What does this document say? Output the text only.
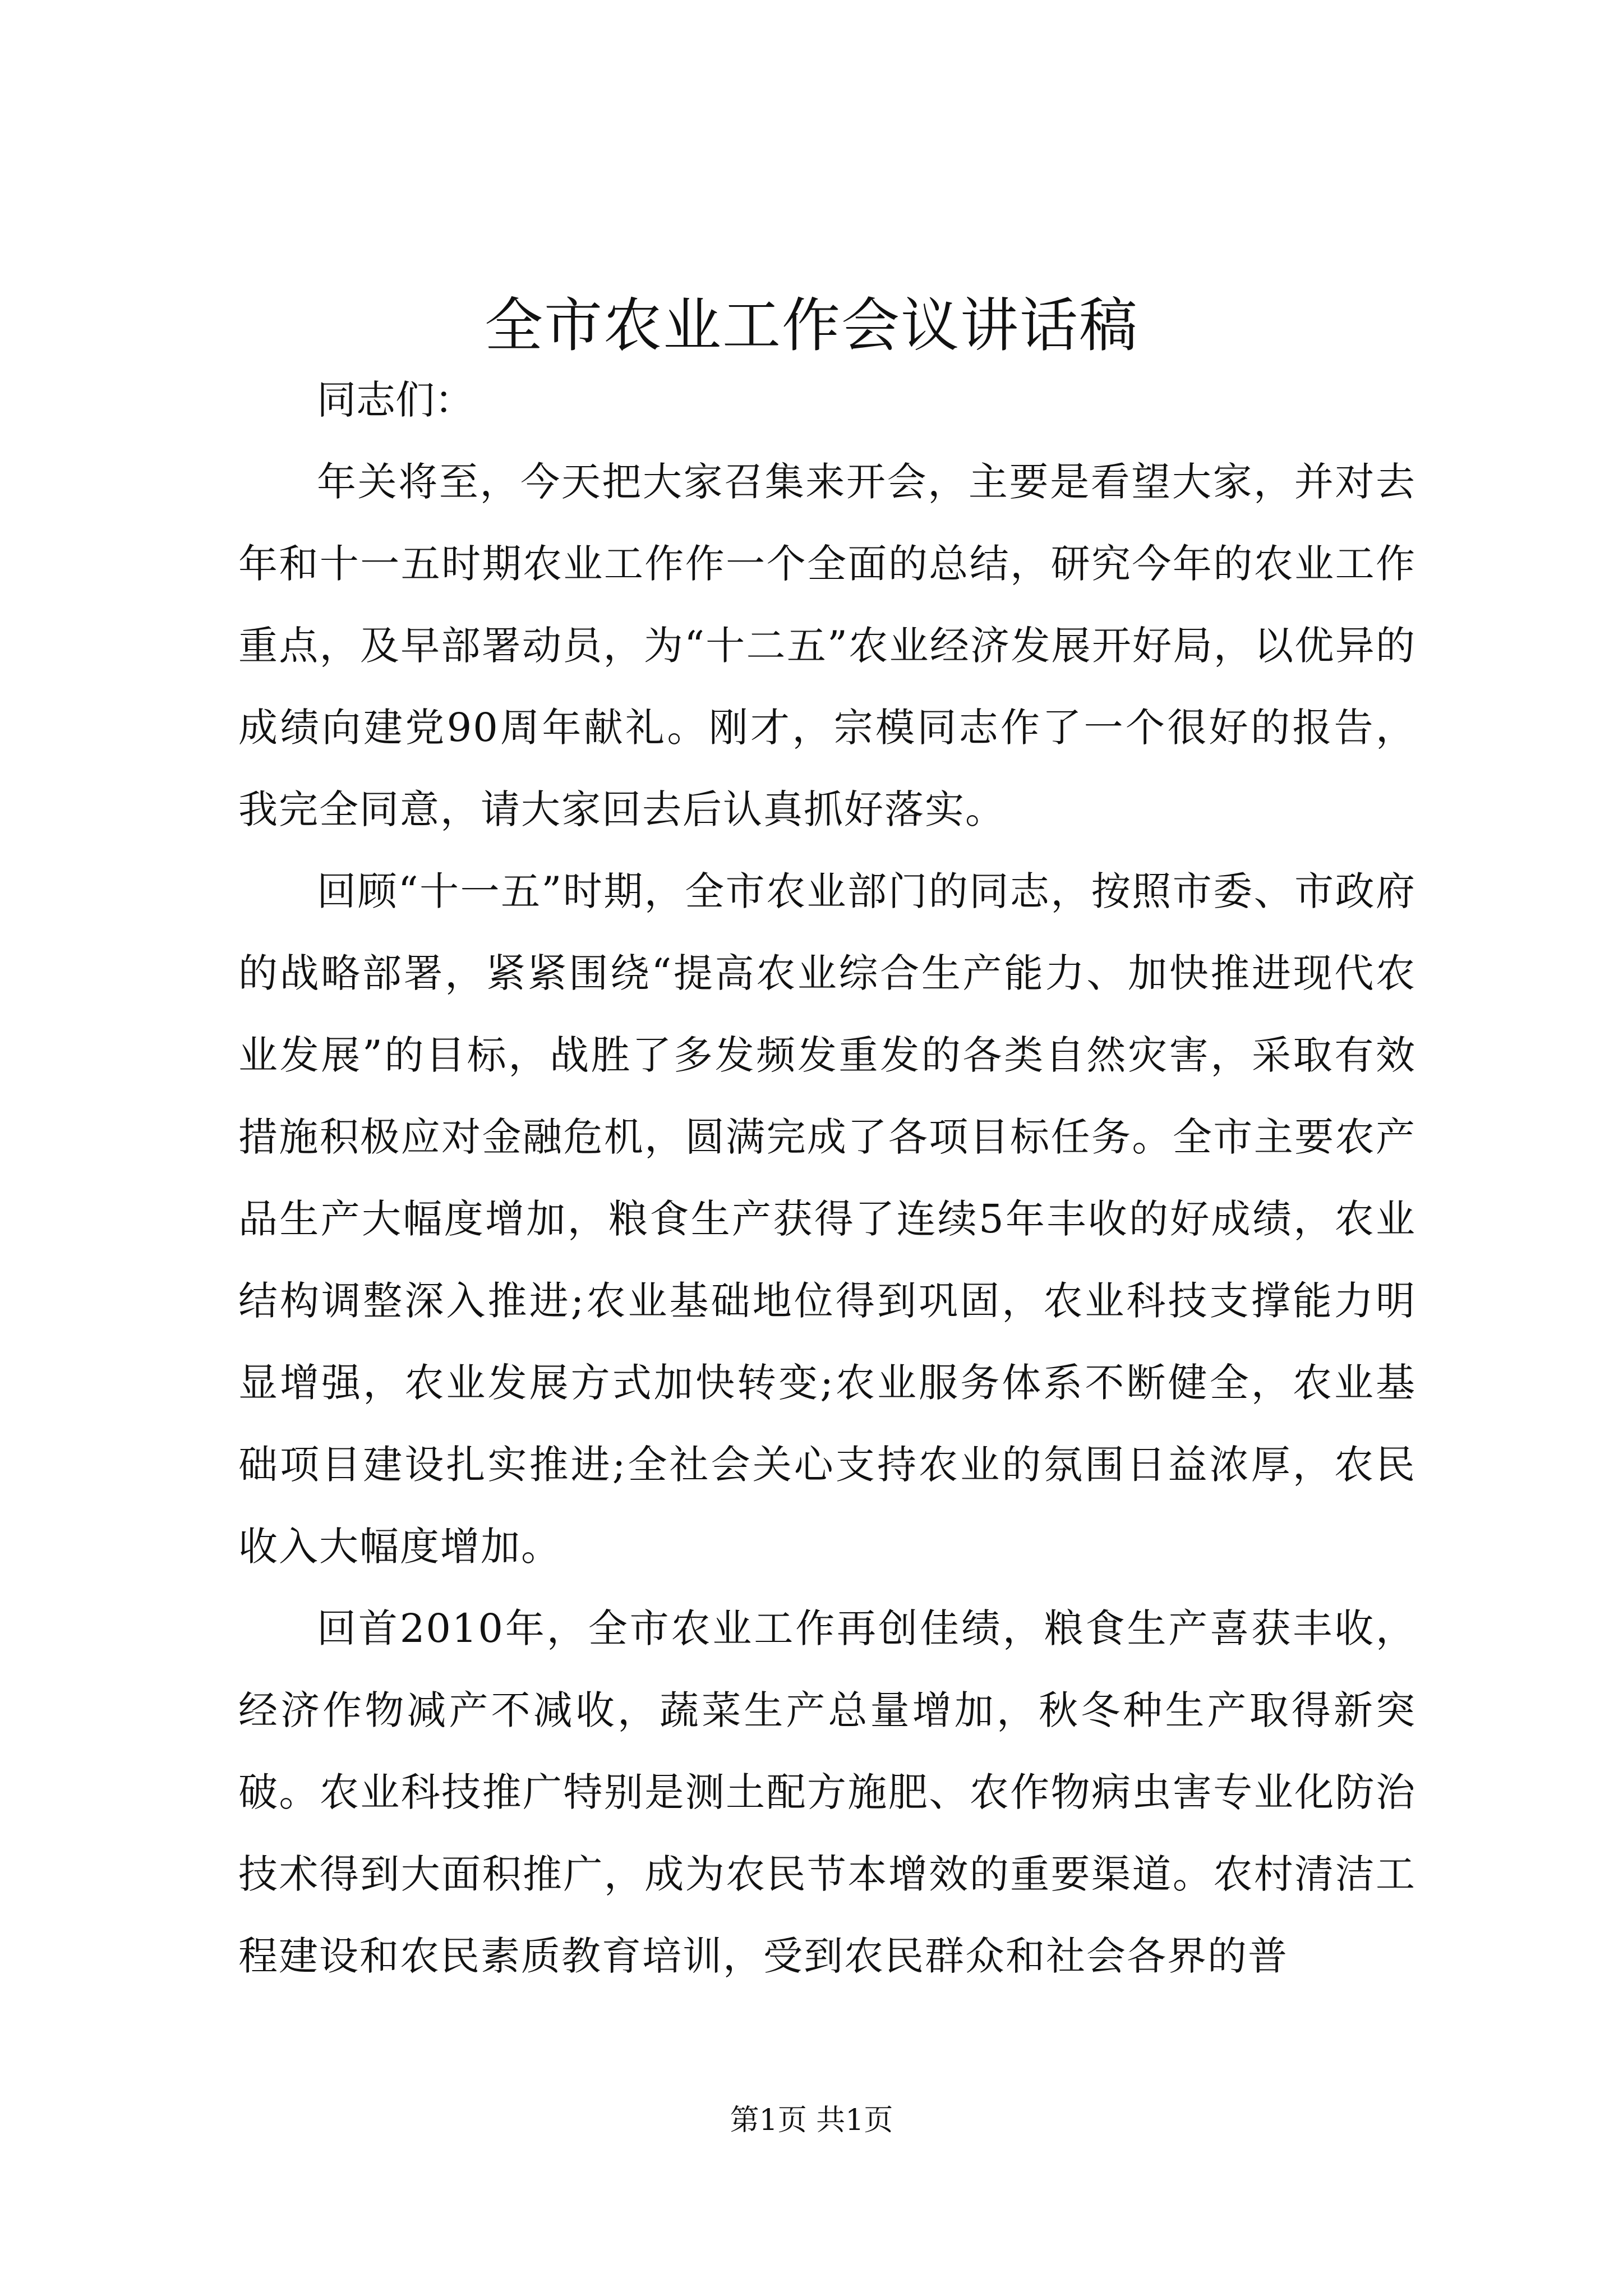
全市农业工作会议讲话稿

同志们：

年关将至，今天把大家召集来开会，主要是看望大家，并对去年和十一五时期农业工作作一个全面的总结，研究今年的农业工作重点，及早部署动员，为“十二五”农业经济发展开好局，以优异的成绩向建党90周年献礼。刚才，宗模同志作了一个很好的报告，我完全同意，请大家回去后认真抓好落实。

回顾“十一五”时期，全市农业部门的同志，按照市委、市政府的战略部署，紧紧围绕“提高农业综合生产能力、加快推进现代农业发展”的目标，战胜了多发频发重发的各类自然灾害，采取有效措施积极应对金融危机，圆满完成了各项目标任务。全市主要农产品生产大幅度增加，粮食生产获得了连续5年丰收的好成绩，农业结构调整深入推进;农业基础地位得到巩固，农业科技支撑能力明显增强，农业发展方式加快转变;农业服务体系不断健全，农业基础项目建设扎实推进;全社会关心支持农业的氛围日益浓厚，农民收入大幅度增加。

回首2010年，全市农业工作再创佳绩，粮食生产喜获丰收，经济作物减产不减收，蔬菜生产总量增加，秋冬种生产取得新突破。农业科技推广特别是测土配方施肥、农作物病虫害专业化防治技术得到大面积推广，成为农民节本增效的重要渠道。农村清洁工程建设和农民素质教育培训，受到农民群众和社会各界的普

第1页 共1页
